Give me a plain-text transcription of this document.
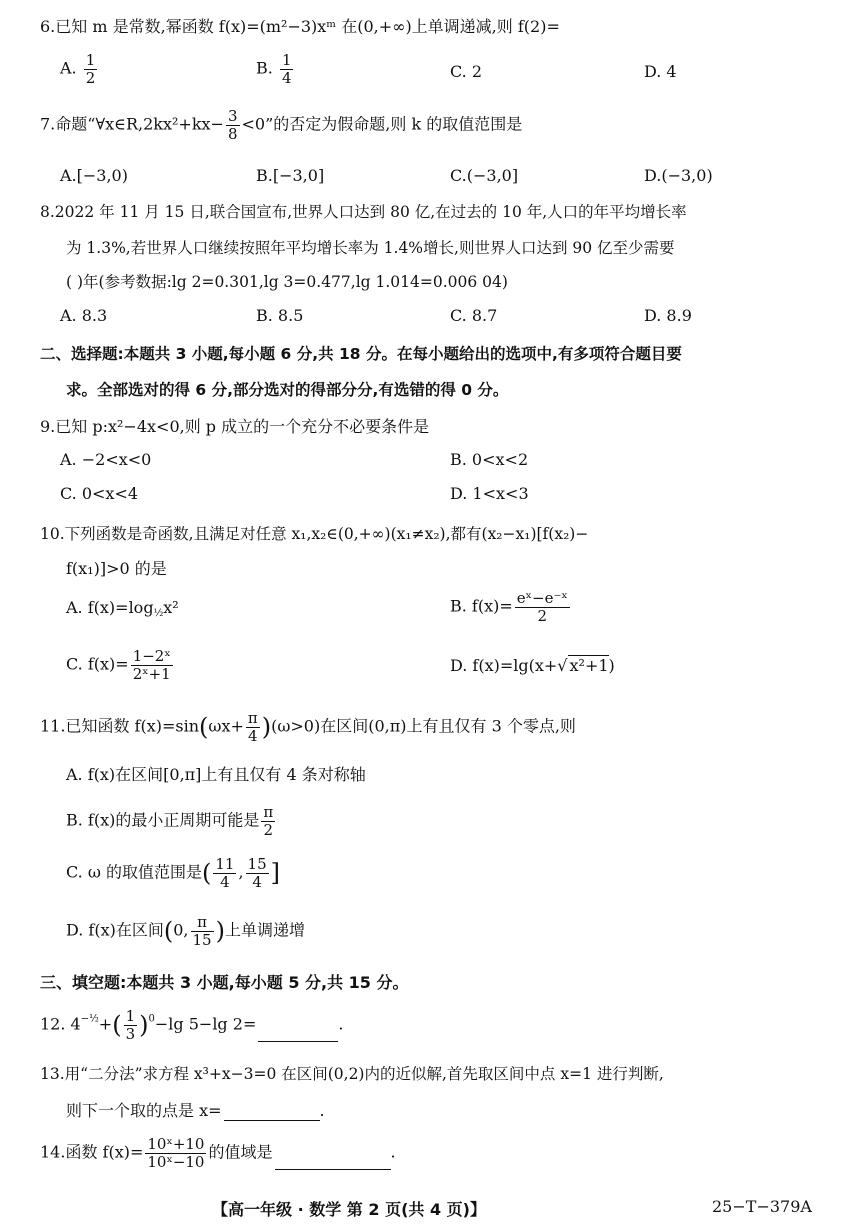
6.已知 m 是常数,幂函数 f(x)=(m²−3)xᵐ 在(0,+∞)上单调递减,则 f(2)=
A. $\frac{1}{2}$	B. $\frac{1}{4}$	C. 2	D. 4
7.命题“∀x∈R,2kx²+kx− $\frac{3}{8} <0$”的否定为假命题,则 k 的取值范围是
A.[−3,0)	B.[−3,0]	C.(−3,0]	D.(−3,0)
8.2022 年 11 月 15 日,联合国宣布,世界人口达到 80 亿,在过去的 10 年,人口的年平均增长率
为 1.3%,若世界人口继续按照年平均增长率为 1.4%增长,则世界人口达到 90 亿至少需要
( )年(参考数据:lg 2=0.301,lg 3=0.477,lg 1.014=0.006 04)
A. 8.3	B. 8.5	C. 8.7	D. 8.9
二、选择题:本题共 3 小题,每小题 6 分,共 18 分。在每小题给出的选项中,有多项符合题目要
求。全部选对的得 6 分,部分选对的得部分分,有选错的得 0 分。
9.已知 p:x²−4x<0,则 p 成立的一个充分不必要条件是
A. −2<x<0	B. 0<x<2
C. 0<x<4	D. 1<x<3
10.下列函数是奇函数,且满足对任意 x₁,x₂∈(0,+∞)(x₁≠x₂),都有(x₂−x₁)[f(x₂)−
f(x₁)]>0 的是
A. $f(x)=\log_{\frac{1}{2}}x^2$	B. $f(x)= \frac{\text{eˣ−e⁻ˣ}}{2}$
C. $f(x)= \frac{\text{1−2ˣ}}{\text{2ˣ+1}}$	D. f(x)=lg(x+√ x²+1)
11.已知函数 $f(x)=\sin(\omega x+ \frac{\pi}{4} )(\omega>0)$在区间(0,π)上有且仅有 3 个零点,则
A. f(x)在区间[0,π]上有且仅有 4 条对称轴
B. f(x)的最小正周期可能是 $\frac{\pi}{2}$
C. ω 的取值范围是( $\frac{11}{4}$ , $\frac{15}{4}$ ]
D. f(x)在区间(0, $\frac{\pi}{15}$ )上单调递增
三、填空题:本题共 3 小题,每小题 5 分,共 15 分。
12. $4^{-\frac{1}{2}}+( \frac{1}{3} )^0-\lg$ 5−lg 2=	.
13.用“二分法”求方程 x³+x−3=0 在区间(0,2)内的近似解,首先取区间中点 x=1 进行判断,
则下一个取的点是 x=	.
14.函数 $f(x)= \frac{\text{10ˣ+10}}{\text{10ˣ−10}}$ 的值域是	.
【高一年级 · 数学 第 2 页(共 4 页)】	25−T−379A
